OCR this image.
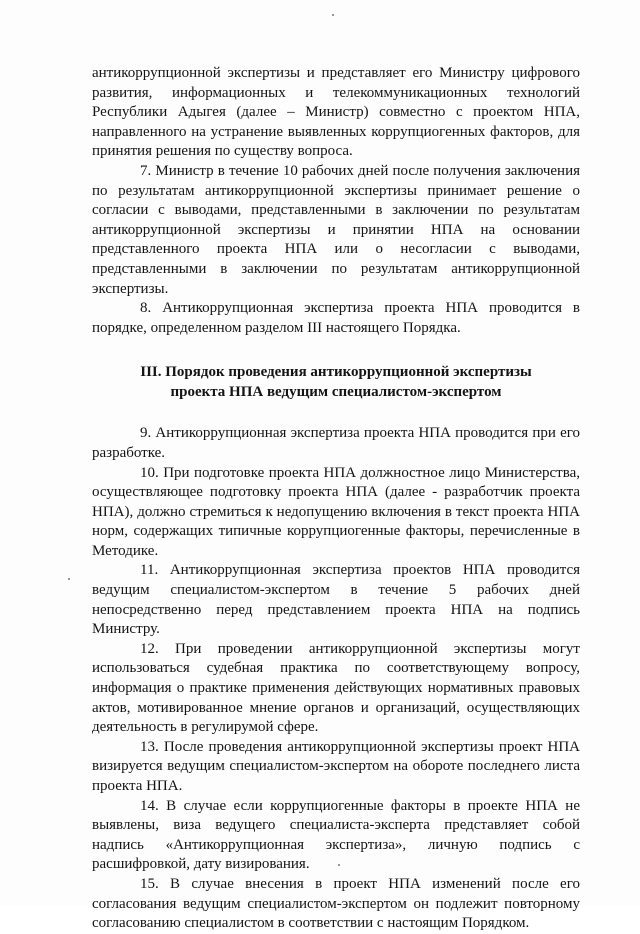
антикоррупционной экспертизы и представляет его Министру цифрового развития, информационных и телекоммуникационных технологий Республики Адыгея (далее – Министр) совместно с проектом НПА, направленного на устранение выявленных коррупциогенных факторов, для принятия решения по существу вопроса.

7. Министр в течение 10 рабочих дней после получения заключения по результатам антикоррупционной экспертизы принимает решение о согласии с выводами, представленными в заключении по результатам антикоррупционной экспертизы и принятии НПА на основании представленного проекта НПА или о несогласии с выводами, представленными в заключении по результатам антикоррупционной экспертизы.

8. Антикоррупционная экспертиза проекта НПА проводится в порядке, определенном разделом III настоящего Порядка.

III. Порядок проведения антикоррупционной экспертизы
проекта НПА ведущим специалистом-экспертом

9. Антикоррупционная экспертиза проекта НПА проводится при его разработке.

10. При подготовке проекта НПА должностное лицо Министерства, осуществляющее подготовку проекта НПА (далее - разработчик проекта НПА), должно стремиться к недопущению включения в текст проекта НПА норм, содержащих типичные коррупциогенные факторы, перечисленные в Методике.

11. Антикоррупционная экспертиза проектов НПА проводится ведущим специалистом-экспертом в течение 5 рабочих дней непосредственно перед представлением проекта НПА на подпись Министру.

12. При проведении антикоррупционной экспертизы могут использоваться судебная практика по соответствующему вопросу, информация о практике применения действующих нормативных правовых актов, мотивированное мнение органов и организаций, осуществляющих деятельность в регулирумой сфере.

13. После проведения антикоррупционной экспертизы проект НПА визируется ведущим специалистом-экспертом на обороте последнего листа проекта НПА.

14. В случае если коррупциогенные факторы в проекте НПА не выявлены, виза ведущего специалиста-эксперта представляет собой надпись «Антикоррупционная экспертиза», личную подпись с расшифровкой, дату визирования.

15. В случае внесения в проект НПА изменений после его согласования ведущим специалистом-экспертом он подлежит повторному согласованию специалистом в соответствии с настоящим Порядком.
